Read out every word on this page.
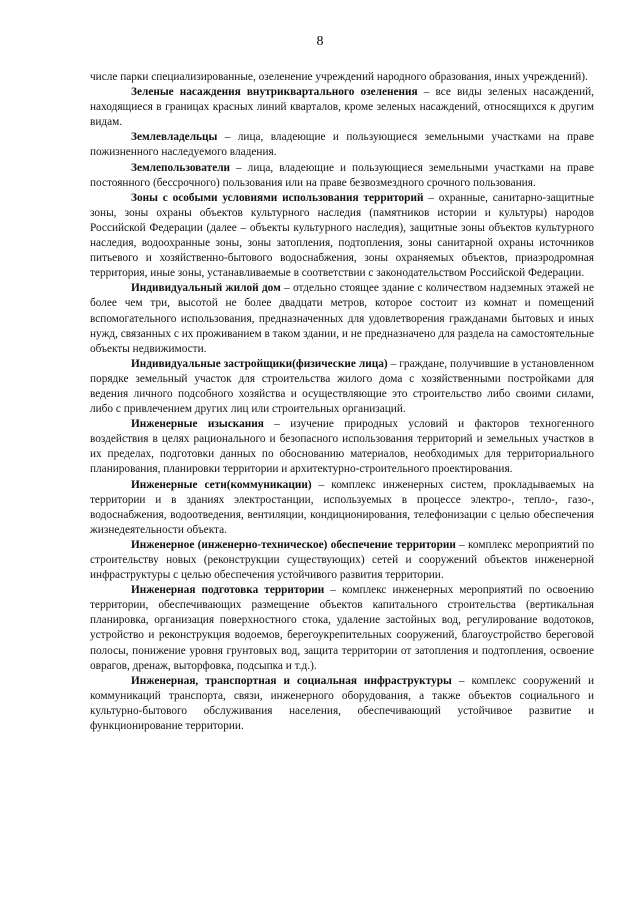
8

числе парки специализированные, озеленение учреждений народного образования, иных учреждений).

Зеленые насаждения внутриквартального озеленения – все виды зеленых насаждений, находящиеся в границах красных линий кварталов, кроме зеленых насаждений, относящихся к другим видам.

Землевладельцы – лица, владеющие и пользующиеся земельными участками на праве пожизненного наследуемого владения.

Землепользователи – лица, владеющие и пользующиеся земельными участками на праве постоянного (бессрочного) пользования или на праве безвозмездного срочного пользования.

Зоны с особыми условиями использования территорий – охранные, санитарно-защитные зоны, зоны охраны объектов культурного наследия (памятников истории и культуры) народов Российской Федерации (далее – объекты культурного наследия), защитные зоны объектов культурного наследия, водоохранные зоны, зоны затопления, подтопления, зоны санитарной охраны источников питьевого и хозяйственно-бытового водоснабжения, зоны охраняемых объектов, приаэродромная территория, иные зоны, устанавливаемые в соответствии с законодательством Российской Федерации.

Индивидуальный жилой дом – отдельно стоящее здание с количеством надземных этажей не более чем три, высотой не более двадцати метров, которое состоит из комнат и помещений вспомогательного использования, предназначенных для удовлетворения гражданами бытовых и иных нужд, связанных с их проживанием в таком здании, и не предназначено для раздела на самостоятельные объекты недвижимости.

Индивидуальные застройщики(физические лица) – граждане, получившие в установленном порядке земельный участок для строительства жилого дома с хозяйственными постройками для ведения личного подсобного хозяйства и осуществляющие это строительство либо своими силами, либо с привлечением других лиц или строительных организаций.

Инженерные изыскания – изучение природных условий и факторов техногенного воздействия в целях рационального и безопасного использования территорий и земельных участков в их пределах, подготовки данных по обоснованию материалов, необходимых для территориального планирования, планировки территории и архитектурно-строительного проектирования.

Инженерные сети(коммуникации) – комплекс инженерных систем, прокладываемых на территории и в зданиях электростанции, используемых в процессе электро-, тепло-, газо-, водоснабжения, водоотведения, вентиляции, кондиционирования, телефонизации с целью обеспечения жизнедеятельности объекта.

Инженерное (инженерно-техническое) обеспечение территории – комплекс мероприятий по строительству новых (реконструкции существующих) сетей и сооружений объектов инженерной инфраструктуры с целью обеспечения устойчивого развития территории.

Инженерная подготовка территории – комплекс инженерных мероприятий по освоению территории, обеспечивающих размещение объектов капитального строительства (вертикальная планировка, организация поверхностного стока, удаление застойных вод, регулирование водотоков, устройство и реконструкция водоемов, берегоукрепительных сооружений, благоустройство береговой полосы, понижение уровня грунтовых вод, защита территории от затопления и подтопления, освоение оврагов, дренаж, выторфовка, подсыпка и т.д.).

Инженерная, транспортная и социальная инфраструктуры – комплекс сооружений и коммуникаций транспорта, связи, инженерного оборудования, а также объектов социального и культурно-бытового обслуживания населения, обеспечивающий устойчивое развитие и функционирование территории.
